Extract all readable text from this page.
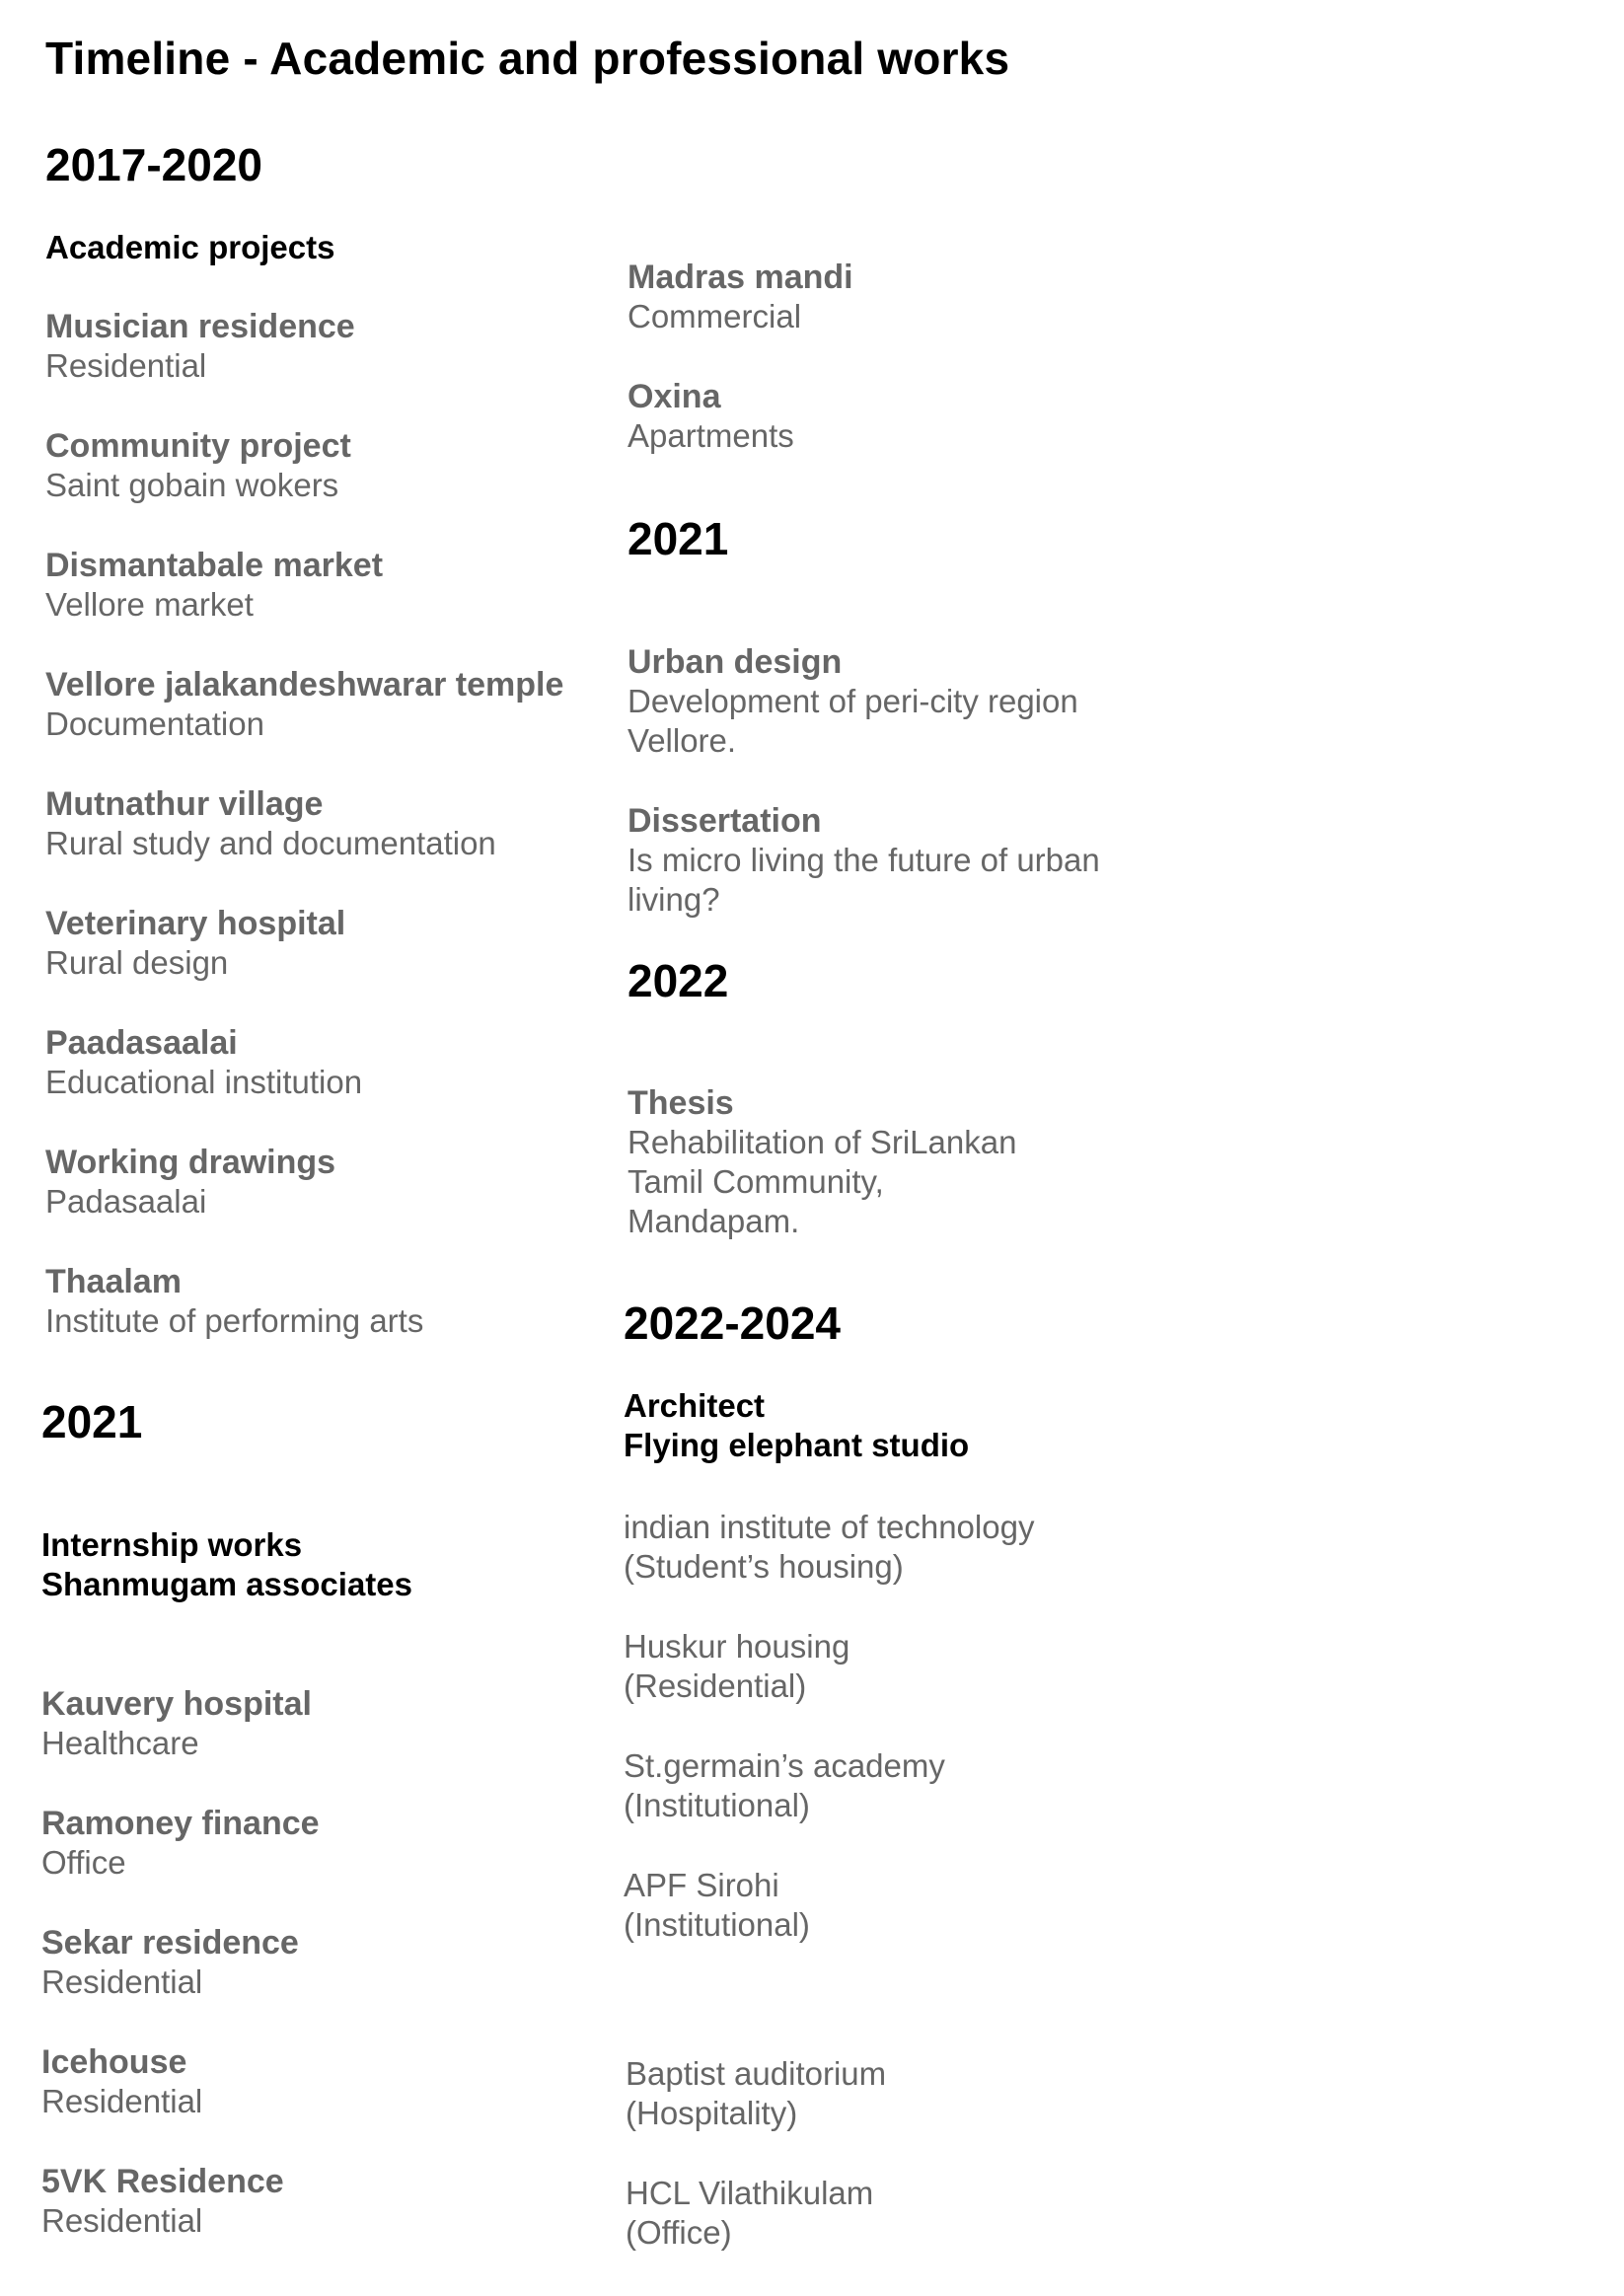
Timeline - Academic and professional works
2017-2020
Academic projects
Musician residence
Residential
Community project
Saint gobain wokers
Dismantabale market
Vellore market
Vellore jalakandeshwarar temple
Documentation
Mutnathur village
Rural study and documentation
Veterinary hospital
Rural design
Paadasaalai
Educational institution
Working drawings
Padasaalai
Thaalam
Institute of performing arts
2021
Internship works
Shanmugam associates
Kauvery hospital
Healthcare
Ramoney finance
Office
Sekar residence
Residential
Icehouse
Residential
5VK Residence
Residential
Madras mandi
Commercial
Oxina
Apartments
2021
Urban design
Development of peri-city region
Vellore.
Dissertation
Is micro living the future of urban
living?
2022
Thesis
Rehabilitation of SriLankan
Tamil Community,
Mandapam.
2022-2024
Architect
Flying elephant studio
indian institute of technology
(Student’s housing)
Huskur housing
(Residential)
St.germain’s academy
(Institutional)
APF Sirohi
(Institutional)
Baptist auditorium
(Hospitality)
HCL Vilathikulam
(Office)
